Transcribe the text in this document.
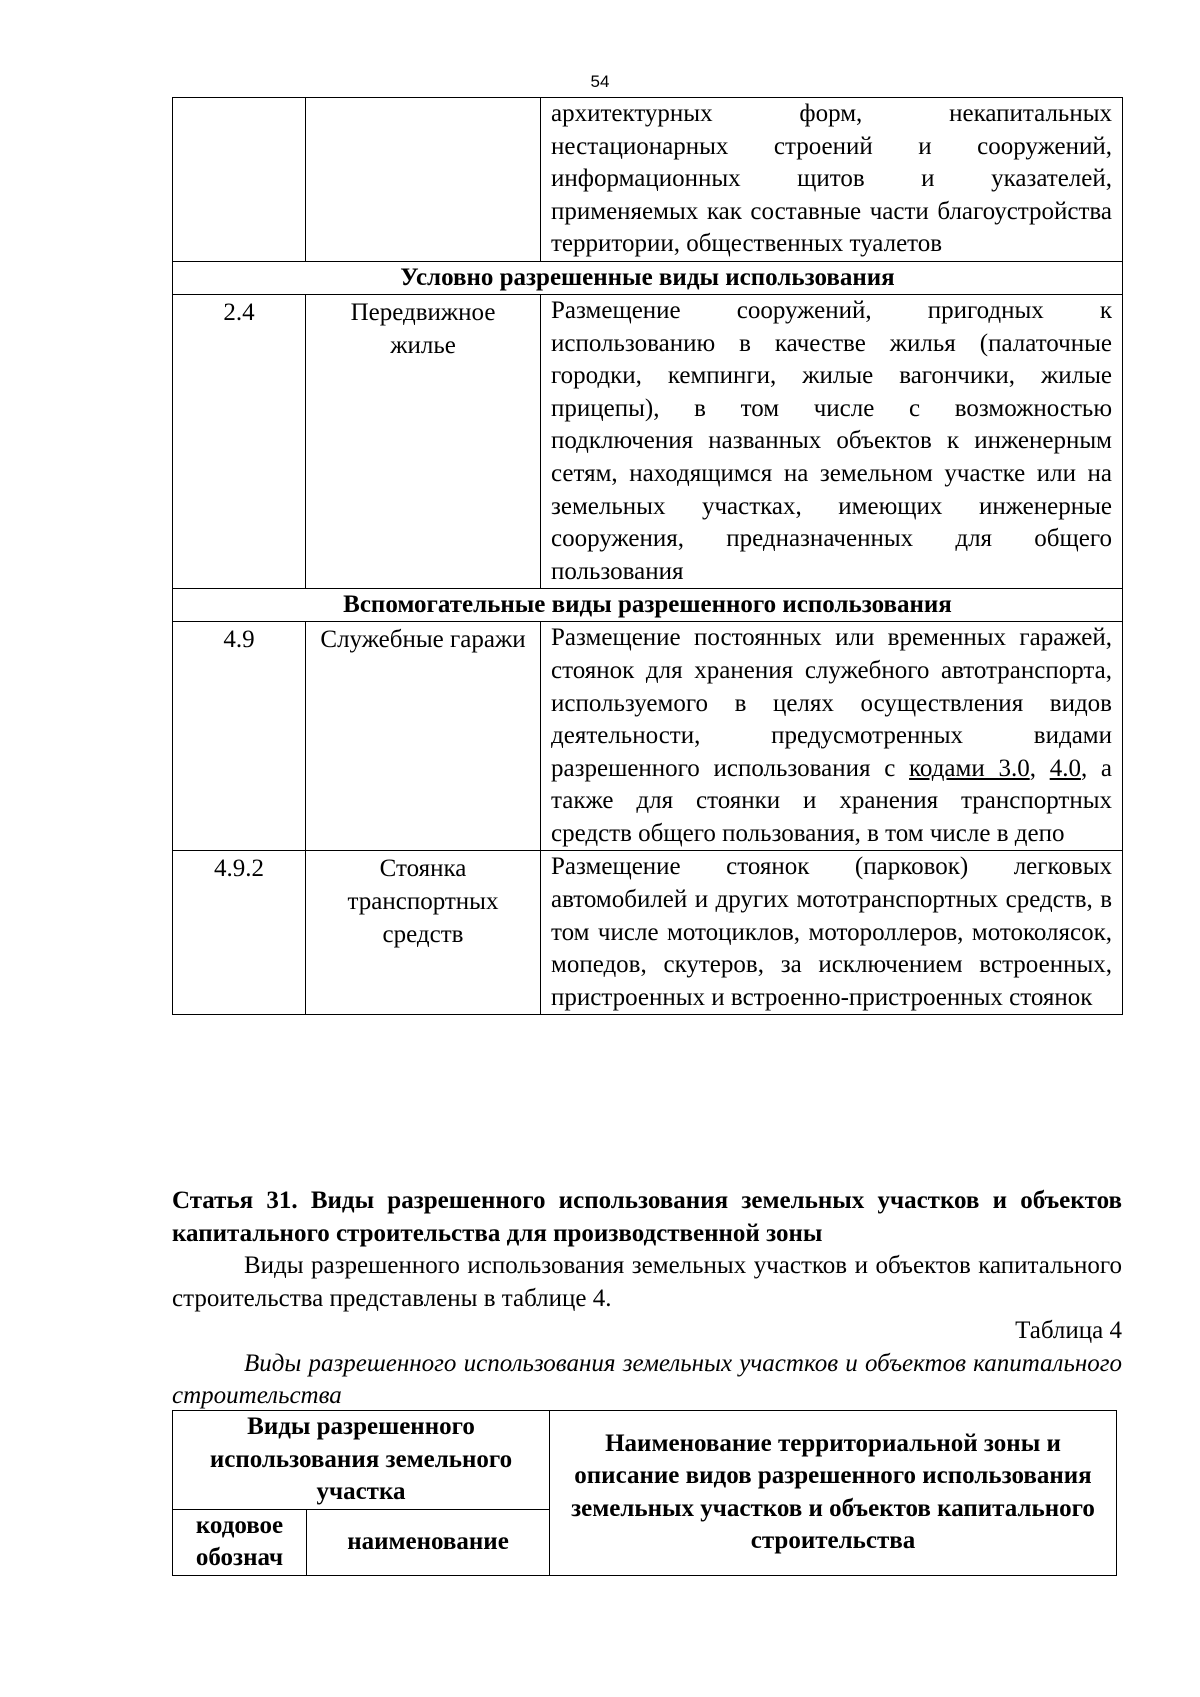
54
		архитектурных форм, некапитальных нестационарных строений и сооружений, информационных щитов и указателей, применяемых как составные части благоустройства территории, общественных туалетов
Условно разрешенные виды использования		
2.4	Передвижное жилье	Размещение сооружений, пригодных к использованию в качестве жилья (палаточные городки, кемпинги, жилые вагончики, жилые прицепы), в том числе с возможностью подключения названных объектов к инженерным сетям, находящимся на земельном участке или на земельных участках, имеющих инженерные сооружения, предназначенных для общего пользования
Вспомогательные виды разрешенного использования		
4.9	Служебные гаражи	Размещение постоянных или временных гаражей, стоянок для хранения служебного автотранспорта, используемого в целях осуществления видов деятельности, предусмотренных видами разрешенного использования с кодами 3.0, 4.0, а также для стоянки и хранения транспортных средств общего пользования, в том числе в депо
4.9.2	Стоянка транспортных средств	Размещение стоянок (парковок) легковых автомобилей и других мототранспортных средств, в том числе мотоциклов, мотороллеров, мотоколясок, мопедов, скутеров, за исключением встроенных, пристроенных и встроенно-пристроенных стоянок

Статья 31. Виды разрешенного использования земельных участков и объектов капитального строительства для производственной зоны

Виды разрешенного использования земельных участков и объектов капитального строительства представлены в таблице 4.

Таблица 4

Виды разрешенного использования земельных участков и объектов капитального строительства

Виды разрешенного использования земельного участка		Наименование территориальной зоны и описание видов разрешенного использования земельных участков и объектов капитального строительства
кодовое обознач	наименование	
